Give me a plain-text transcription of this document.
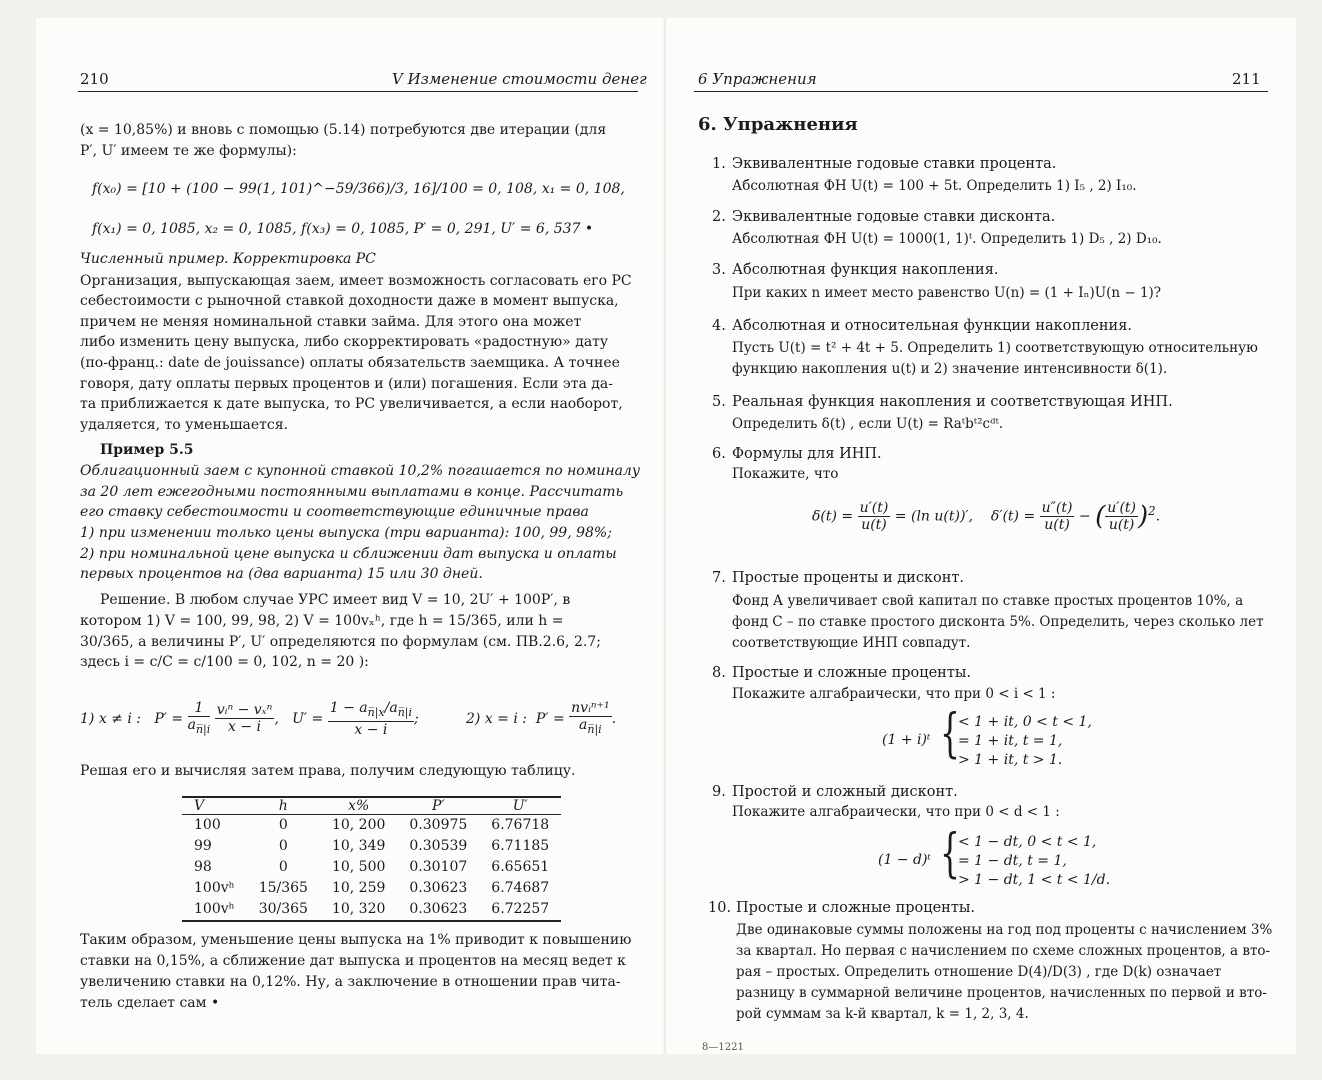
210	V Изменение стоимости денег
(x = 10,85%) и вновь с помощью (5.14) потребуются две итерации (для
P′, U′ имеем те же формулы):
f(x₀) = [10 + (100 − 99(1, 101)^−59/366)/3, 16]/100 = 0, 108, x₁ = 0, 108,
f(x₁) = 0, 1085, x₂ = 0, 1085, f(x₃) = 0, 1085, P′ = 0, 291, U′ = 6, 537 •
Численный пример. Корректировка PC
Организация, выпускающая заем, имеет возможность согласовать его PC
себестоимости с рыночной ставкой доходности даже в момент выпуска,
причем не меняя номинальной ставки займа. Для этого она может
либо изменить цену выпуска, либо скорректировать «радостную» дату
(по-франц.: date de jouissance) оплаты обязательств заемщика. А точнее
говоря, дату оплаты первых процентов и (или) погашения. Если эта да-
та приближается к дате выпуска, то PC увеличивается, а если наоборот,
удаляется, то уменьшается.
Пример 5.5
Облигационный заем с купонной ставкой 10,2% погашается по номиналу
за 20 лет ежегодными постоянными выплатами в конце. Рассчитать
его ставку себестоимости и соответствующие единичные права
1) при изменении только цены выпуска (три варианта): 100, 99, 98%;
2) при номинальной цене выпуска и сближении дат выпуска и оплаты
первых процентов на (два варианта) 15 или 30 дней.
Решение. В любом случае УРС имеет вид V = 10, 2U′ + 100P′, в
котором 1) V = 100, 99, 98, 2) V = 100vₓʰ, где h = 15/365, или h =
30/365, а величины P′, U′ определяются по формулам (см. ПВ.2.6, 2.7;
здесь i = c/C = c/100 = 0, 102, n = 20 ):
1) x ≠ i :   $P' = \frac{1}{a_{n̅|i}}$
$\frac{\text{vᵢⁿ − vₓⁿ}}{x - i}$ ,   $U' = \frac{1 - a_{n̅|x}/a_{n̅|i}}{x - i}$ ;	2) x = i :  $P' = \frac{\text{nvᵢⁿ⁺¹}}{a_{n̅|i}}$ .
Решая его и вычисляя затем права, получим следующую таблицу.
V	h	x%	P′	U′
100	0	10, 200	0.30975	6.76718
99	0	10, 349	0.30539	6.71185
98	0	10, 500	0.30107	6.65651
100vʰ	15/365	10, 259	0.30623	6.74687
100vʰ	30/365	10, 320	0.30623	6.72257
Таким образом, уменьшение цены выпуска на 1% приводит к повышению
ставки на 0,15%, а сближение дат выпуска и процентов на месяц ведет к
увеличению ставки на 0,12%. Ну, а заключение в отношении прав чита-
тель сделает сам •
6 Упражнения	211
6. Упражнения
1. Эквивалентные годовые ставки процента.
Абсолютная ФН U(t) = 100 + 5t. Определить 1) I₅ , 2) I₁₀.
2. Эквивалентные годовые ставки дисконта.
Абсолютная ФН U(t) = 1000(1, 1)ᵗ. Определить 1) D₅ , 2) D₁₀.
3. Абсолютная функция накопления.
При каких n имеет место равенство U(n) = (1 + Iₙ)U(n − 1)?
4. Абсолютная и относительная функции накопления.
Пусть U(t) = t² + 4t + 5. Определить 1) соответствующую относительную
функцию накопления u(t) и 2) значение интенсивности δ(1).
5. Реальная функция накопления и соответствующая ИНП.
Определить δ(t) , если U(t) = Raᵗbᵗ²cᵈᵗ.
6. Формулы для ИНП.
Покажите, что
$\delta(t) = \frac{u'(t)}{u(t)} = (\ln$ u(t))′,    $\delta'(t) = \frac{u''(t)}{u(t)}$ − ( $\frac{u'(t)}{u(t)} )^2$.
7. Простые проценты и дисконт.
Фонд А увеличивает свой капитал по ставке простых процентов 10%, а
фонд С – по ставке простого дисконта 5%. Определить, через сколько лет
соответствующие ИНП совпадут.
8. Простые и сложные проценты.
Покажите алгабраически, что при 0 < i < 1 :
(1 + i)ᵗ {
< 1 + it, 0 < t < 1,
= 1 + it, t = 1,
> 1 + it, t > 1.
9. Простой и сложный дисконт.
Покажите алгабраически, что при 0 < d < 1 :
(1 − d)ᵗ {
< 1 − dt, 0 < t < 1,
= 1 − dt, t = 1,
> 1 − dt, 1 < t < 1/d.
10. Простые и сложные проценты.
Две одинаковые суммы положены на год под проценты с начислением 3%
за квартал. Но первая с начислением по схеме сложных процентов, а вто-
рая – простых. Определить отношение D(4)/D(3) , где D(k) означает
разницу в суммарной величине процентов, начисленных по первой и вто-
рой суммам за k-й квартал, k = 1, 2, 3, 4.
8—1221
